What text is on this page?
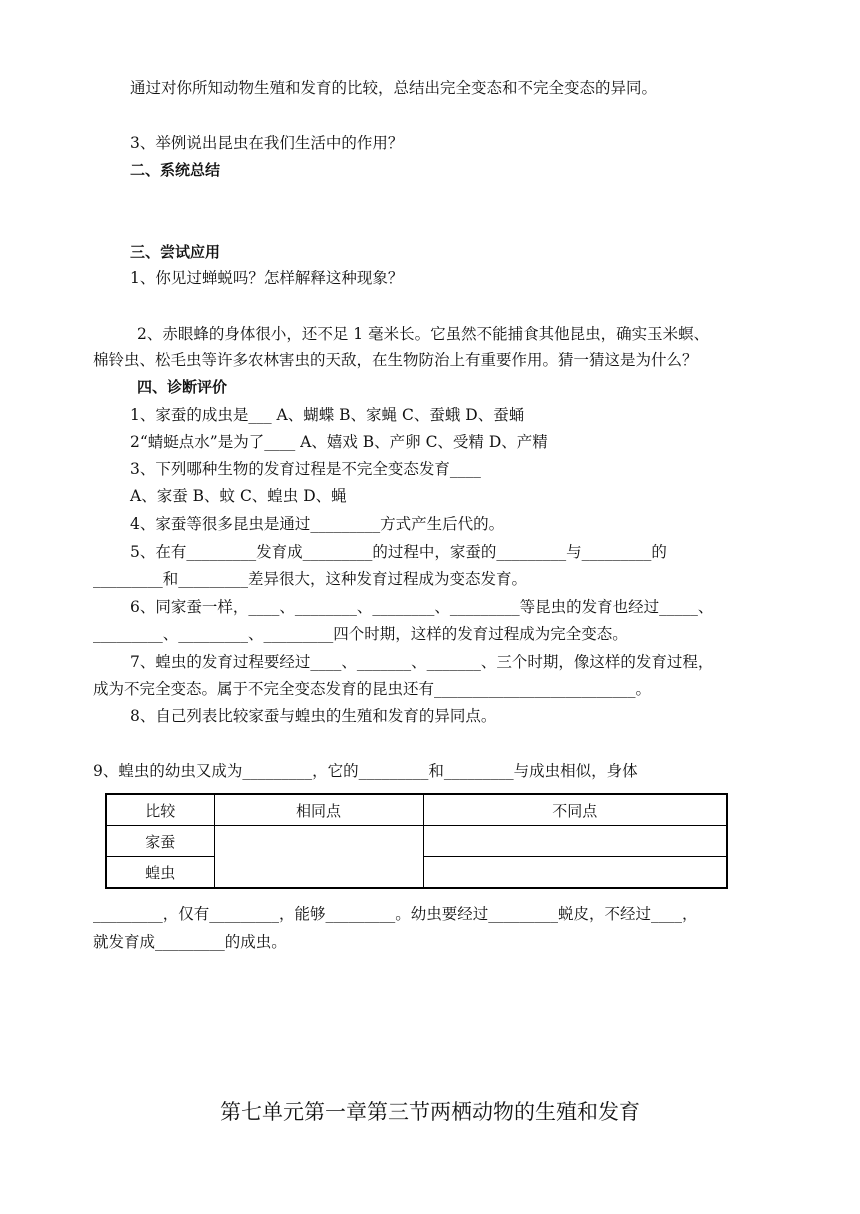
通过对你所知动物生殖和发育的比较，总结出完全变态和不完全变态的异同。
3、举例说出昆虫在我们生活中的作用？
二、系统总结
三、尝试应用
1、你见过蝉蜕吗？怎样解释这种现象？
2、赤眼蜂的身体很小，还不足 1 毫米长。它虽然不能捕食其他昆虫，确实玉米螟、
棉铃虫、松毛虫等许多农林害虫的天敌，在生物防治上有重要作用。猜一猜这是为什么？
四、诊断评价
1、家蚕的成虫是___ A、蝴蝶 B、家蝇 C、蚕蛾 D、蚕蛹
2“蜻蜓点水”是为了____ A、嬉戏 B、产卵 C、受精 D、产精
3、下列哪种生物的发育过程是不完全变态发育____
A、家蚕 B、蚊 C、蝗虫 D、蝇
4、家蚕等很多昆虫是通过_________方式产生后代的。
5、在有_________发育成_________的过程中，家蚕的_________与_________的
_________和_________差异很大，这种发育过程成为变态发育。
6、同家蚕一样，____、________、________、_________等昆虫的发育也经过_____、
_________、_________、_________四个时期，这样的发育过程成为完全变态。
7、蝗虫的发育过程要经过____、_______、_______、三个时期，像这样的发育过程，
成为不完全变态。属于不完全变态发育的昆虫还有__________________________。
8、自己列表比较家蚕与蝗虫的生殖和发育的异同点。
9、蝗虫的幼虫又成为_________，它的_________和_________与成虫相似，身体
比较	相同点	不同点
家蚕		
蝗虫		
_________，仅有_________，能够_________。幼虫要经过_________蜕皮，不经过____，
就发育成_________的成虫。
第七单元第一章第三节两栖动物的生殖和发育
